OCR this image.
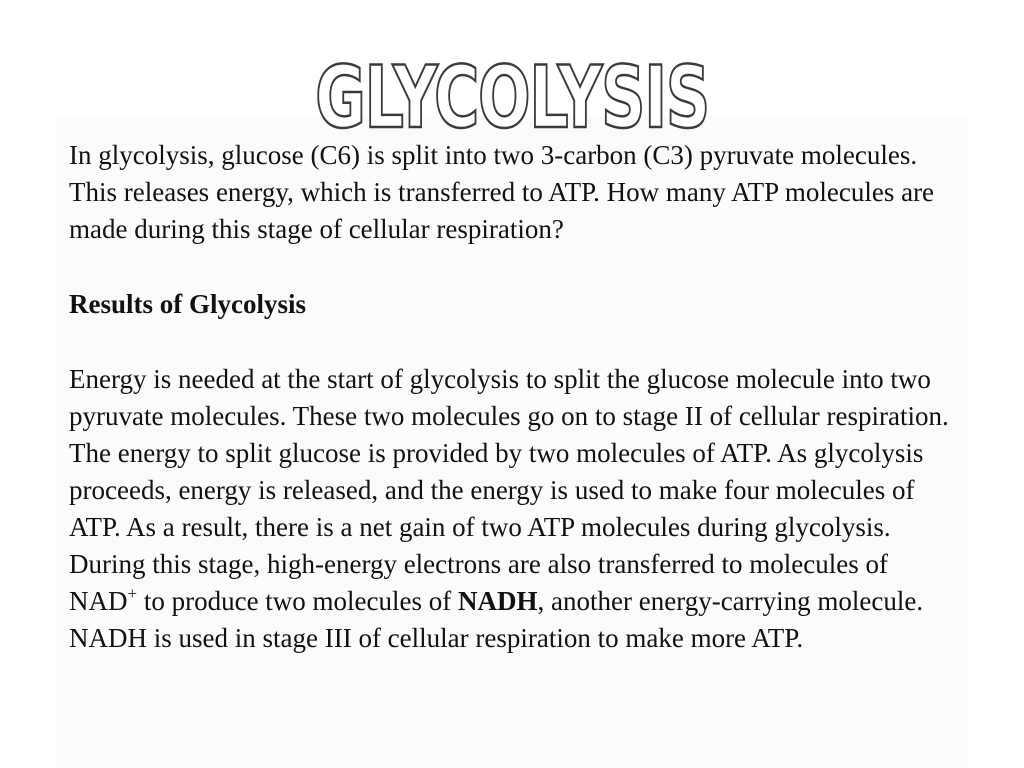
GLYCOLYSIS

In glycolysis, glucose (C6) is split into two 3-carbon (C3) pyruvate molecules. This releases energy, which is transferred to ATP. How many ATP molecules are made during this stage of cellular respiration?

Results of Glycolysis

Energy is needed at the start of glycolysis to split the glucose molecule into two pyruvate molecules. These two molecules go on to stage II of cellular respiration. The energy to split glucose is provided by two molecules of ATP. As glycolysis proceeds, energy is released, and the energy is used to make four molecules of ATP. As a result, there is a net gain of two ATP molecules during glycolysis. During this stage, high-energy electrons are also transferred to molecules of NAD+ to produce two molecules of NADH, another energy-carrying molecule. NADH is used in stage III of cellular respiration to make more ATP.
